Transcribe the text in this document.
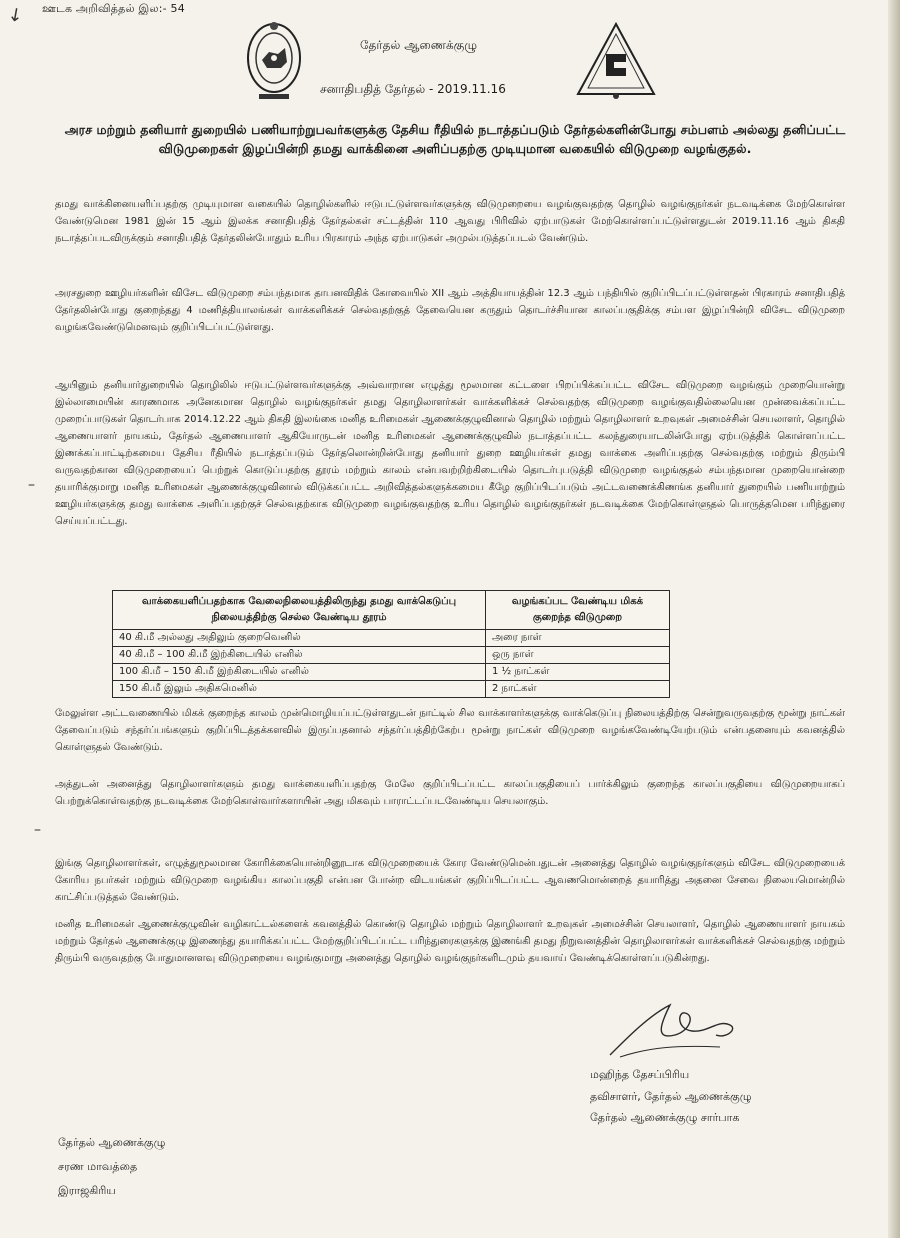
↙ ஊடக அறிவித்தல் இல:- 54
தேர்தல் ஆணைக்குழு
சனாதிபதித் தேர்தல் - 2019.11.16
அரச மற்றும் தனியார் துறையில் பணியாற்றுபவர்களுக்கு தேசிய ரீதியில் நடாத்தப்படும் தேர்தல்களின்போது சம்பளம் அல்லது தனிப்பட்ட விடுமுறைகள் இழப்பின்றி தமது வாக்கினை அளிப்பதற்கு முடியுமான வகையில் விடுமுறை வழங்குதல்.
தமது வாக்கினையளிப்பதற்கு முடியுமான வகையில் தொழில்களில் ஈடுபட்டுள்ளவர்களுக்கு விடுமுறையை வழங்குவதற்கு தொழில் வழங்குநர்கள் நடவடிக்கை மேற்கொள்ள வேண்டுமென 1981 இன் 15 ஆம் இலக்க சனாதிபதித் தேர்தல்கள் சட்டத்தின் 110 ஆவது பிரிவில் ஏற்பாடுகள் மேற்கொள்ளப்பட்டுள்ளதுடன் 2019.11.16 ஆம் திகதி நடாத்தப்படவிருக்கும் சனாதிபதித் தேர்தலின்போதும் உரிய பிரகாரம் அந்த ஏற்பாடுகள் அமுல்படுத்தப்படல் வேண்டும்.
அரசதுறை ஊழியர்களின் விசேட விடுமுறை சம்பந்தமாக தாபனவிதிக் கோவையில் XII ஆம் அத்தியாயத்தின் 12.3 ஆம் பந்தியில் குறிப்பிடப்பட்டுள்ளதன் பிரகாரம் சனாதிபதித் தேர்தலின்போது குறைந்தது 4 மணித்தியாலங்கள் வாக்களிக்கச் செல்வதற்குத் தேவையென கருதும் தொடர்ச்சியான காலப்பகுதிக்கு சம்பள இழப்பின்றி விசேட விடுமுறை வழங்கவேண்டுமெனவும் குறிப்பிடப்பட்டுள்ளது.
ஆயினும் தனியார்துறையில் தொழிலில் ஈடுபட்டுள்ளவர்களுக்கு அவ்வாறான எழுத்து மூலமான கட்டளை பிறப்பிக்கப்பட்ட விசேட விடுமுறை வழங்கும் முறையொன்று இல்லாமையின் காரணமாக அனேகமான தொழில் வழங்குநர்கள் தமது தொழிலாளர்கள் வாக்களிக்கச் செல்வதற்கு விடுமுறை வழங்குவதில்லையென முன்வைக்கப்பட்ட முறைப்பாடுகள் தொடர்பாக 2014.12.22 ஆம் திகதி இலங்கை மனித உரிமைகள் ஆணைக்குழுவினால் தொழில் மற்றும் தொழிலாளர் உறவுகள் அமைச்சின் செயலாளர், தொழில் ஆணையாளர் நாயகம், தேர்தல் ஆணையாளர் ஆகியோருடன் மனித உரிமைகள் ஆணைக்குழுவில் நடாத்தப்பட்ட கலந்துரையாடலின்போது ஏற்படுத்திக் கொள்ளப்பட்ட இணக்கப்பாட்டிற்கமைய தேசிய ரீதியில் நடாத்தப்படும் தேர்தலொன்றின்போது தனியார் துறை ஊழியர்கள் தமது வாக்கை அளிப்பதற்கு செல்வதற்கு மற்றும் திரும்பி வருவதற்கான விடுமுறையைப் பெற்றுக் கொடுப்பதற்கு தூரம் மற்றும் காலம் என்பவற்றிற்கிடையில் தொடர்புபடுத்தி விடுமுறை வழங்குதல் சம்பந்தமான முறையொன்றை தயாரிக்குமாறு மனித உரிமைகள் ஆணைக்குழுவினால் விடுக்கப்பட்ட அறிவித்தல்களுக்கமைய கீழே குறிப்பிடப்படும் அட்டவணைக்கிணங்க தனியார் துறையில் பணியாற்றும் ஊழியர்களுக்கு தமது வாக்கை அளிப்பதற்குச் செல்வதற்காக விடுமுறை வழங்குவதற்கு உரிய தொழில் வழங்குநர்கள் நடவடிக்கை மேற்கொள்ளுதல் பொருத்தமென பரிந்துரை செய்யப்பட்டது.
–
வாக்கையளிப்பதற்காக வேலைநிலையத்திலிருந்து தமது வாக்கெடுப்பு நிலையத்திற்கு செல்ல வேண்டிய தூரம்	வழங்கப்பட வேண்டிய மிகக் குறைந்த விடுமுறை
40 கி.மீ அல்லது அதிலும் குறைவெனில்	அரை நாள்
40 கி.மீ – 100 கி.மீ இற்கிடையில் எனில்	ஒரு நாள்
100 கி.மீ – 150 கி.மீ இற்கிடையில் எனில்	1 ½ நாட்கள்
150 கி.மீ இலும் அதிகமெனில்	2 நாட்கள்
மேலுள்ள அட்டவணையில் மிகக் குறைந்த காலம் முன்மொழியப்பட்டுள்ளதுடன் நாட்டில் சில வாக்காளர்களுக்கு வாக்கெடுப்பு நிலையத்திற்கு சென்றுவருவதற்கு மூன்று நாட்கள் தேவைப்படும் சந்தர்ப்பங்களும் குறிப்பிடத்தக்களவில் இருப்பதனால் சந்தர்ப்பத்திற்கேற்ப மூன்று நாட்கள் விடுமுறை வழங்கவேண்டியேற்படும் என்பதனையும் கவனத்தில் கொள்ளுதல் வேண்டும்.
அத்துடன் அனைத்து தொழிலாளர்களும் தமது வாக்கையளிப்பதற்கு மேலே குறிப்பிடப்பட்ட காலப்பகுதியைப் பார்க்கிலும் குறைந்த காலப்பகுதியை விடுமுறையாகப் பெற்றுக்கொள்வதற்கு நடவடிக்கை மேற்கொள்வார்களாயின் அது மிகவும் பாராட்டப்படவேண்டிய செயலாகும்.
–
இங்கு தொழிலாளர்கள், எழுத்துமூலமான கோரிக்கையொன்றினூடாக விடுமுறையைக் கோர வேண்டுமென்பதுடன் அனைத்து தொழில் வழங்குநர்களும் விசேட விடுமுறையைக் கோரிய நபர்கள் மற்றும் விடுமுறை வழங்கிய காலப்பகுதி என்பன போன்ற விடயங்கள் குறிப்பிடப்பட்ட ஆவணமொன்றைத் தயாரித்து அதனை சேவை நிலையமொன்றில் காட்சிப்படுத்தல் வேண்டும்.
மனித உரிமைகள் ஆணைக்குழுவின் வழிகாட்டல்களைக் கவனத்தில் கொண்டு தொழில் மற்றும் தொழிலாளர் உறவுகள் அமைச்சின் செயலாளர், தொழில் ஆணையாளர் நாயகம் மற்றும் தேர்தல் ஆணைக்குழு இணைந்து தயாரிக்கப்பட்ட மேற்குறிப்பிடப்பட்ட பரிந்துரைகளுக்கு இணங்கி தமது நிறுவனத்தின் தொழிலாளர்கள் வாக்களிக்கச் செல்வதற்கு மற்றும் திரும்பி வருவதற்கு போதுமானளவு விடுமுறையை வழங்குமாறு அனைத்து தொழில் வழங்குநர்களிடமும் தயவாய் வேண்டிக்கொள்ளப்படுகின்றது.
மஹிந்த தேசப்பிரிய
தவிசாளர், தேர்தல் ஆணைக்குழு
தேர்தல் ஆணைக்குழு சார்பாக
தேர்தல் ஆணைக்குழு
சரண மாவத்தை
இராஜகிரிய
